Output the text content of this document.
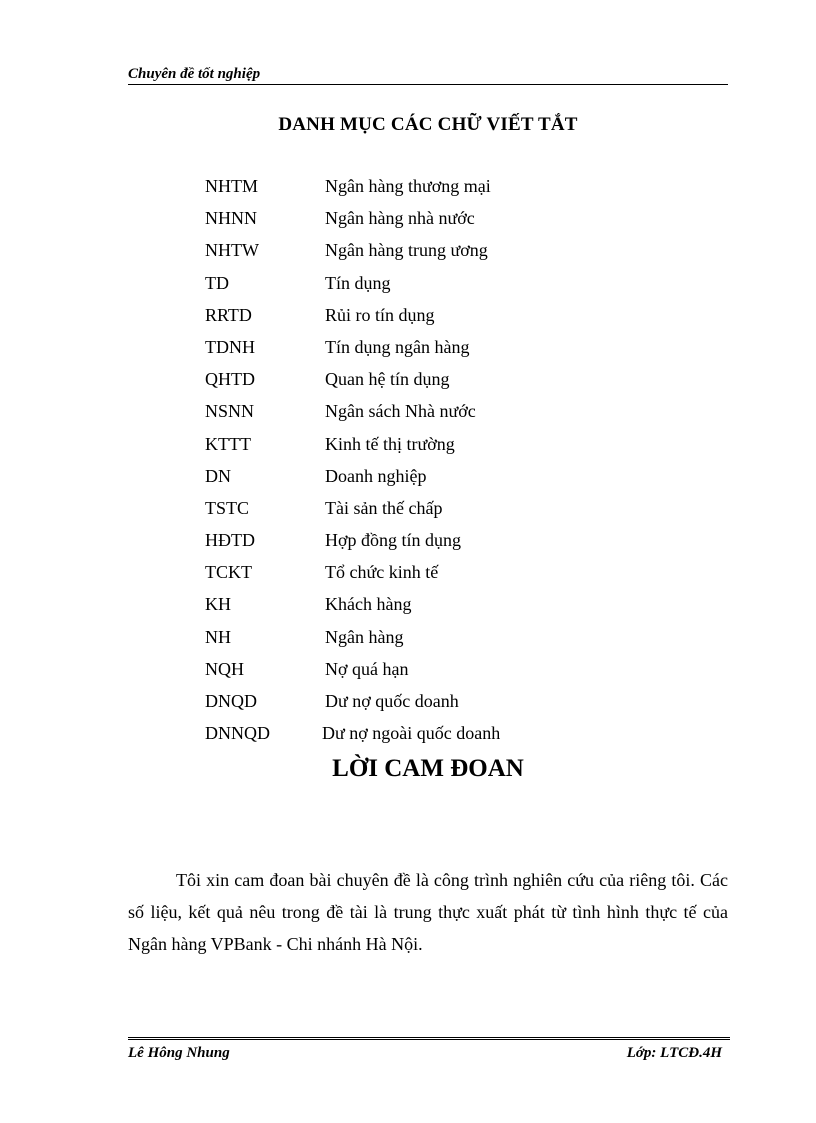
Chuyên đề tốt nghiệp
DANH MỤC CÁC CHỮ VIẾT TẮT
NHTM	Ngân hàng thương mại
NHNN	Ngân hàng nhà nước
NHTW	Ngân hàng trung ương
TD	Tín dụng
RRTD	Rủi ro tín dụng
TDNH	Tín dụng ngân hàng
QHTD	Quan hệ tín dụng
NSNN	Ngân sách Nhà nước
KTTT	Kinh tế thị trường
DN	Doanh nghiệp
TSTC	Tài sản thế chấp
HĐTD	Hợp đồng tín dụng
TCKT	Tổ chức kinh tế
KH	Khách hàng
NH	Ngân hàng
NQH	Nợ quá hạn
DNQD	Dư nợ quốc doanh
DNNQD	Dư nợ ngoài quốc doanh
LỜI CAM ĐOAN

Tôi xin cam đoan bài chuyên đề là công trình nghiên cứu của riêng tôi. Các số liệu, kết quả nêu trong đề tài là trung thực xuất phát từ tình hình thực tế của Ngân hàng VPBank - Chi nhánh Hà Nội.

Lê Hông Nhung	Lớp: LTCĐ.4H
